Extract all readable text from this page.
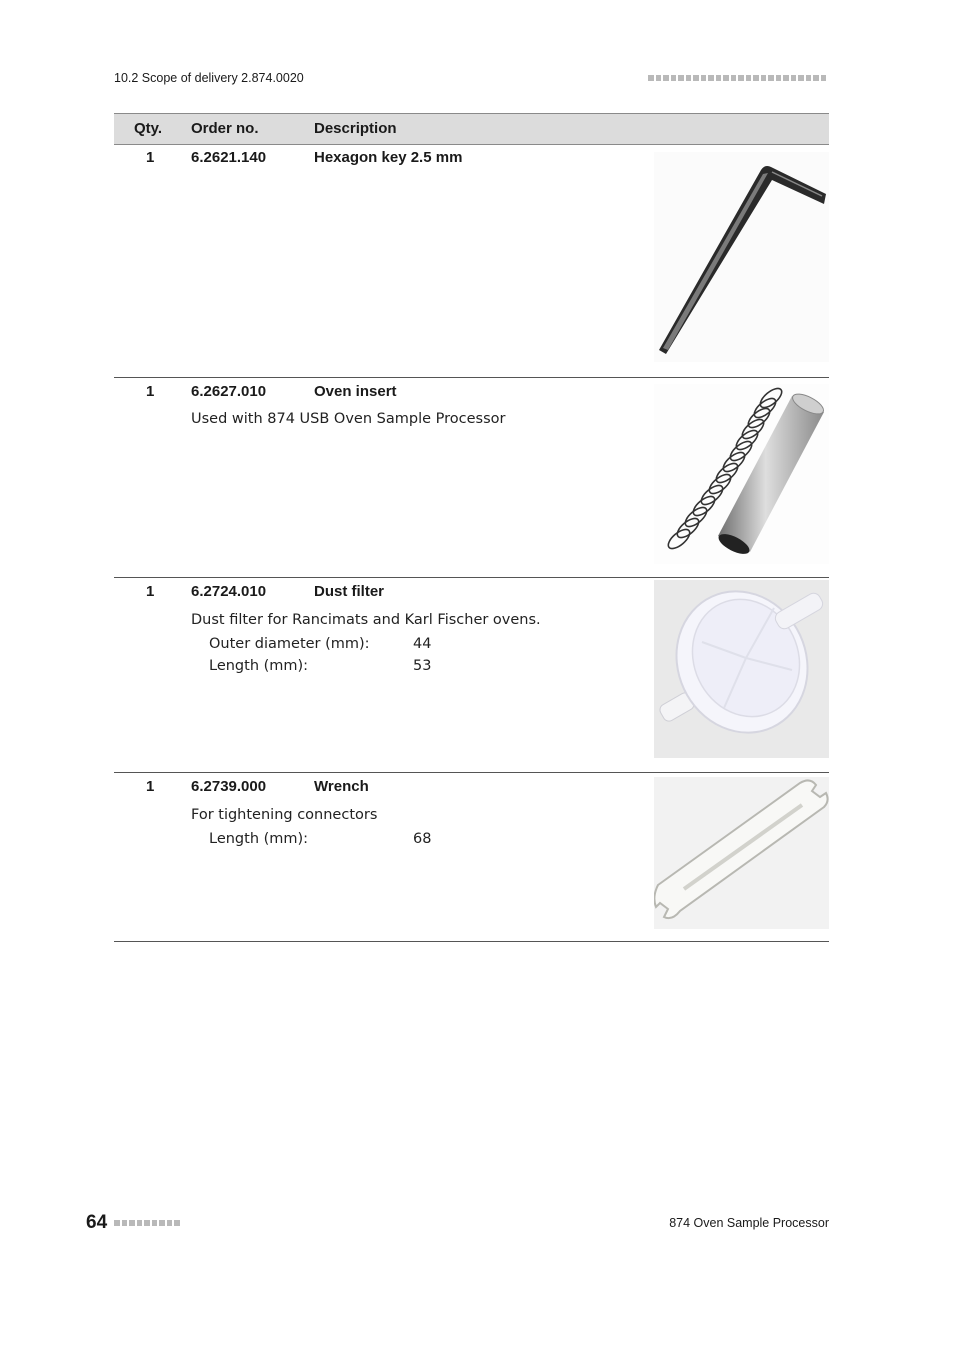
10.2 Scope of delivery 2.874.0020
Qty. Order no.	Description
1 6.2621.140	Hexagon key 2.5 mm
1 6.2627.010	Oven insert
Used with 874 USB Oven Sample Processor
1 6.2724.010	Dust filter
Dust filter for Rancimats and Karl Fischer ovens.
Outer diameter (mm):	44
Length (mm):	53
1 6.2739.000	Wrench
For tightening connectors
Length (mm):	68
64	874 Oven Sample Processor
